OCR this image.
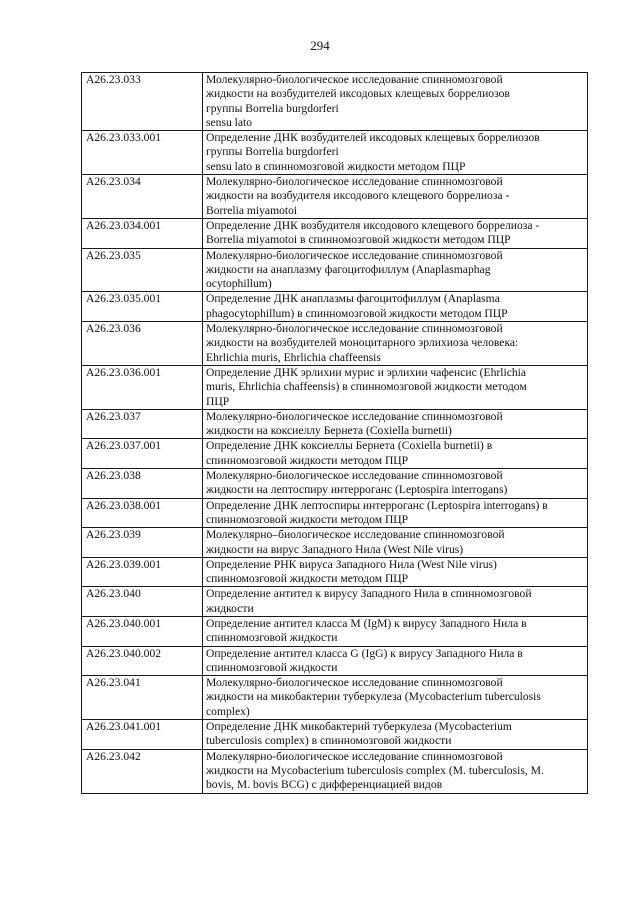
294
A26.23.033	Молекулярно-биологическое исследование спинномозговой
жидкости на возбудителей иксодовых клещевых боррелиозов
группы Borrelia burgdorferi
sensu lato
A26.23.033.001	Определение ДНК возбудителей иксодовых клещевых боррелиозов
группы Borrelia burgdorferi
sensu lato в спинномозговой жидкости методом ПЦР
A26.23.034	Молекулярно-биологическое исследование спинномозговой
жидкости на возбудителя иксодового клещевого боррелиоза -
Borrelia miyamotoi
A26.23.034.001	Определение ДНК возбудителя иксодового клещевого боррелиоза -
Borrelia miyamotoi в спинномозговой жидкости методом ПЦР
A26.23.035	Молекулярно-биологическое исследование спинномозговой
жидкости на анаплазму фагоцитофиллум (Anaplasmaphag
ocytophillum)
A26.23.035.001	Определение ДНК анаплазмы фагоцитофиллум (Anaplasma
phagocytophillum) в спинномозговой жидкости методом ПЦР
A26.23.036	Молекулярно-биологическое исследование спинномозговой
жидкости на возбудителей моноцитарного эрлихиоза человека:
Ehrlichia muris, Ehrlichia chaffeensis
A26.23.036.001	Определение ДНК эрлихии мурис и эрлихии чафенсис (Ehrlichia
muris, Ehrlichia chaffeensis) в спинномозговой жидкости методом
ПЦР
A26.23.037	Молекулярно-биологическое исследование спинномозговой
жидкости на коксиеллу Бернета (Coxiella burnetii)
A26.23.037.001	Определение ДНК коксиеллы Бернета (Coxiella burnetii) в
спинномозговой жидкости методом ПЦР
A26.23.038	Молекулярно-биологическое исследование спинномозговой
жидкости на лептоспиру интерроганс (Leptospira interrogans)
A26.23.038.001	Определение ДНК лептоспиры интерроганс (Leptospira interrogans) в
спинномозговой жидкости методом ПЦР
A26.23.039	Молекулярно–биологическое исследование спинномозговой
жидкости на вирус Западного Нила (West Nile virus)
A26.23.039.001	Определение РНК вируса Западного Нила (West Nile virus)
спинномозговой жидкости методом ПЦР
A26.23.040	Определение антител к вирусу Западного Нила в спинномозговой
жидкости
A26.23.040.001	Определение антител класса M (IgM) к вирусу Западного Нила в
спинномозговой жидкости
A26.23.040.002	Определение антител класса G (IgG) к вирусу Западного Нила в
спинномозговой жидкости
A26.23.041	Молекулярно-биологическое исследование спинномозговой
жидкости на микобактерии туберкулеза (Mycobacterium tuberculosis
complex)
A26.23.041.001	Определение ДНК микобактерий туберкулеза (Mycobacterium
tuberculosis complex) в спинномозговой жидкости
A26.23.042	Молекулярно-биологическое исследование спинномозговой
жидкости на Mycobacterium tuberculosis complex (M. tuberculosis, M.
bovis, M. bovis BCG) с дифференциацией видов
